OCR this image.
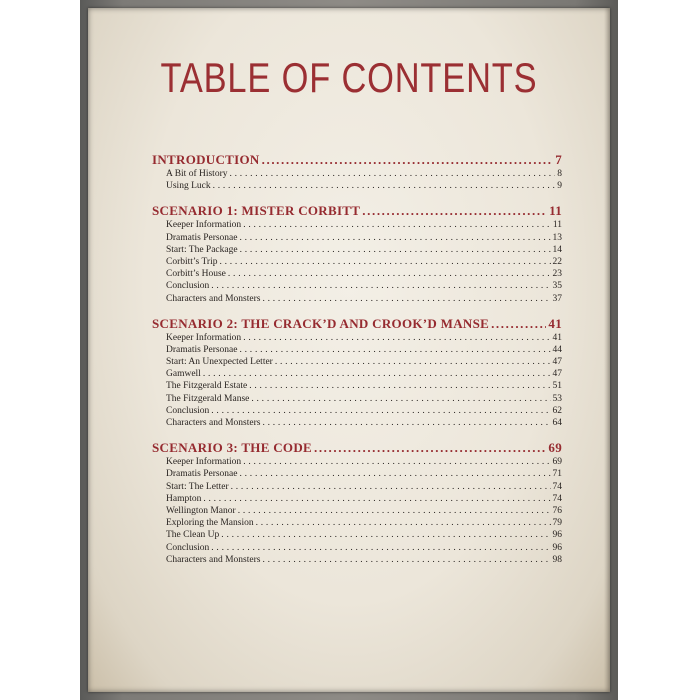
TABLE OF CONTENTS
INTRODUCTION .....	7
A Bit of History . . .	8
Using Luck . . .	9
SCENARIO 1: MISTER CORBITT .....	11
Keeper Information . . .	11
Dramatis Personae . . .	13
Start: The Package . . .	14
Corbitt’s Trip . . .	22
Corbitt’s House . . .	23
Conclusion . . .	35
Characters and Monsters . . .	37
SCENARIO 2: THE CRACK’D AND CROOK’D MANSE .....	41
Keeper Information . . .	41
Dramatis Personae . . .	44
Start: An Unexpected Letter . . .	47
Gamwell . . .	47
The Fitzgerald Estate . . .	51
The Fitzgerald Manse . . .	53
Conclusion . . .	62
Characters and Monsters . . .	64
SCENARIO 3: THE CODE .....	69
Keeper Information . . .	69
Dramatis Personae . . .	71
Start: The Letter . . .	74
Hampton . . .	74
Wellington Manor . . .	76
Exploring the Mansion . . .	79
The Clean Up . . .	96
Conclusion . . .	96
Characters and Monsters . . .	98
